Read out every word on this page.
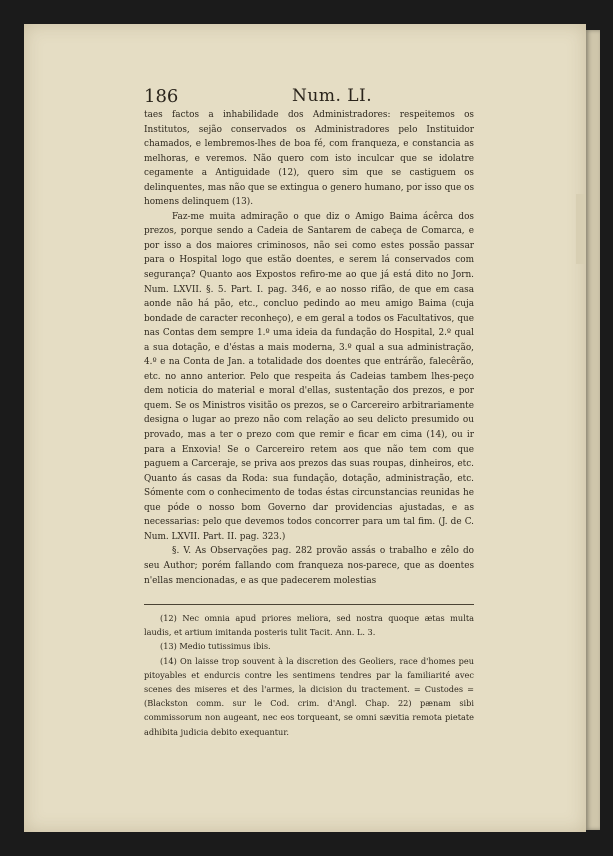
186	Num. LI.

taes factos a inhabilidade dos Administradores: respeitemos os Institutos, sejão conservados os Administradores pelo Instituidor chamados, e lembremos-lhes de boa fé, com franqueza, e constancia as melhoras, e veremos. Não quero com isto inculcar que se idolatre cegamente a Antiguidade (12), quero sim que se castiguem os delinquentes, mas não que se extingua o genero humano, por isso que os homens delinquem (13).

Faz-me muita admiração o que diz o Amigo Baima ácêrca dos prezos, porque sendo a Cadeia de Santarem de cabeça de Comarca, e por isso a dos maiores criminosos, não sei como estes possão passar para o Hospital logo que estão doentes, e serem lá conservados com segurança? Quanto aos Expostos refiro-me ao que já está dito no Jorn. Num. LXVII. §. 5. Part. I. pag. 346, e ao nosso rifão, de que em casa aonde não há pão, etc., concluo pedindo ao meu amigo Baima (cuja bondade de caracter reconheço), e em geral a todos os Facultativos, que nas Contas dem sempre 1.º uma ideia da fundação do Hospital, 2.º qual a sua dotação, e d'éstas a mais moderna, 3.º qual a sua administração, 4.º e na Conta de Jan. a totalidade dos doentes que entrárão, falecêrão, etc. no anno anterior. Pelo que respeita ás Cadeias tambem lhes-peço dem noticia do material e moral d'ellas, sustentação dos prezos, e por quem. Se os Ministros visitão os prezos, se o Carcereiro arbitrariamente designa o lugar ao prezo não com relação ao seu delicto presumido ou provado, mas a ter o prezo com que remir e ficar em cima (14), ou ir para a Enxovia! Se o Carcereiro retem aos que não tem com que paguem a Carceraje, se priva aos prezos das suas roupas, dinheiros, etc. Quanto ás casas da Roda: sua fundação, dotação, administração, etc. Sómente com o conhecimento de todas éstas circunstancias reunidas he que póde o nosso bom Governo dar providencias ajustadas, e as necessarias: pelo que devemos todos concorrer para um tal fim. (J. de C. Num. LXVII. Part. II. pag. 323.)

§. V. As Observações pag. 282 provão assás o trabalho e zêlo do seu Author; porém fallando com franqueza nos-parece, que as doentes n'ellas mencionadas, e as que padecerem molestias

(12) Nec omnia apud priores meliora, sed nostra quoque ætas multa laudis, et artium imitanda posteris tulit Tacit. Ann. L. 3.

(13) Medio tutissimus ibis.

(14) On laisse trop souvent à la discretion des Geoliers, race d'homes peu pitoyables et endurcis contre les sentimens tendres par la familiarité avec scenes des miseres et des l'armes, la dicision du tractement. = Custodes = (Blackston comm. sur le Cod. crim. d'Angl. Chap. 22) pænam sibi commissorum non augeant, nec eos torqueant, se omni sævitia remota pietate adhibita judicia debito exequantur.
